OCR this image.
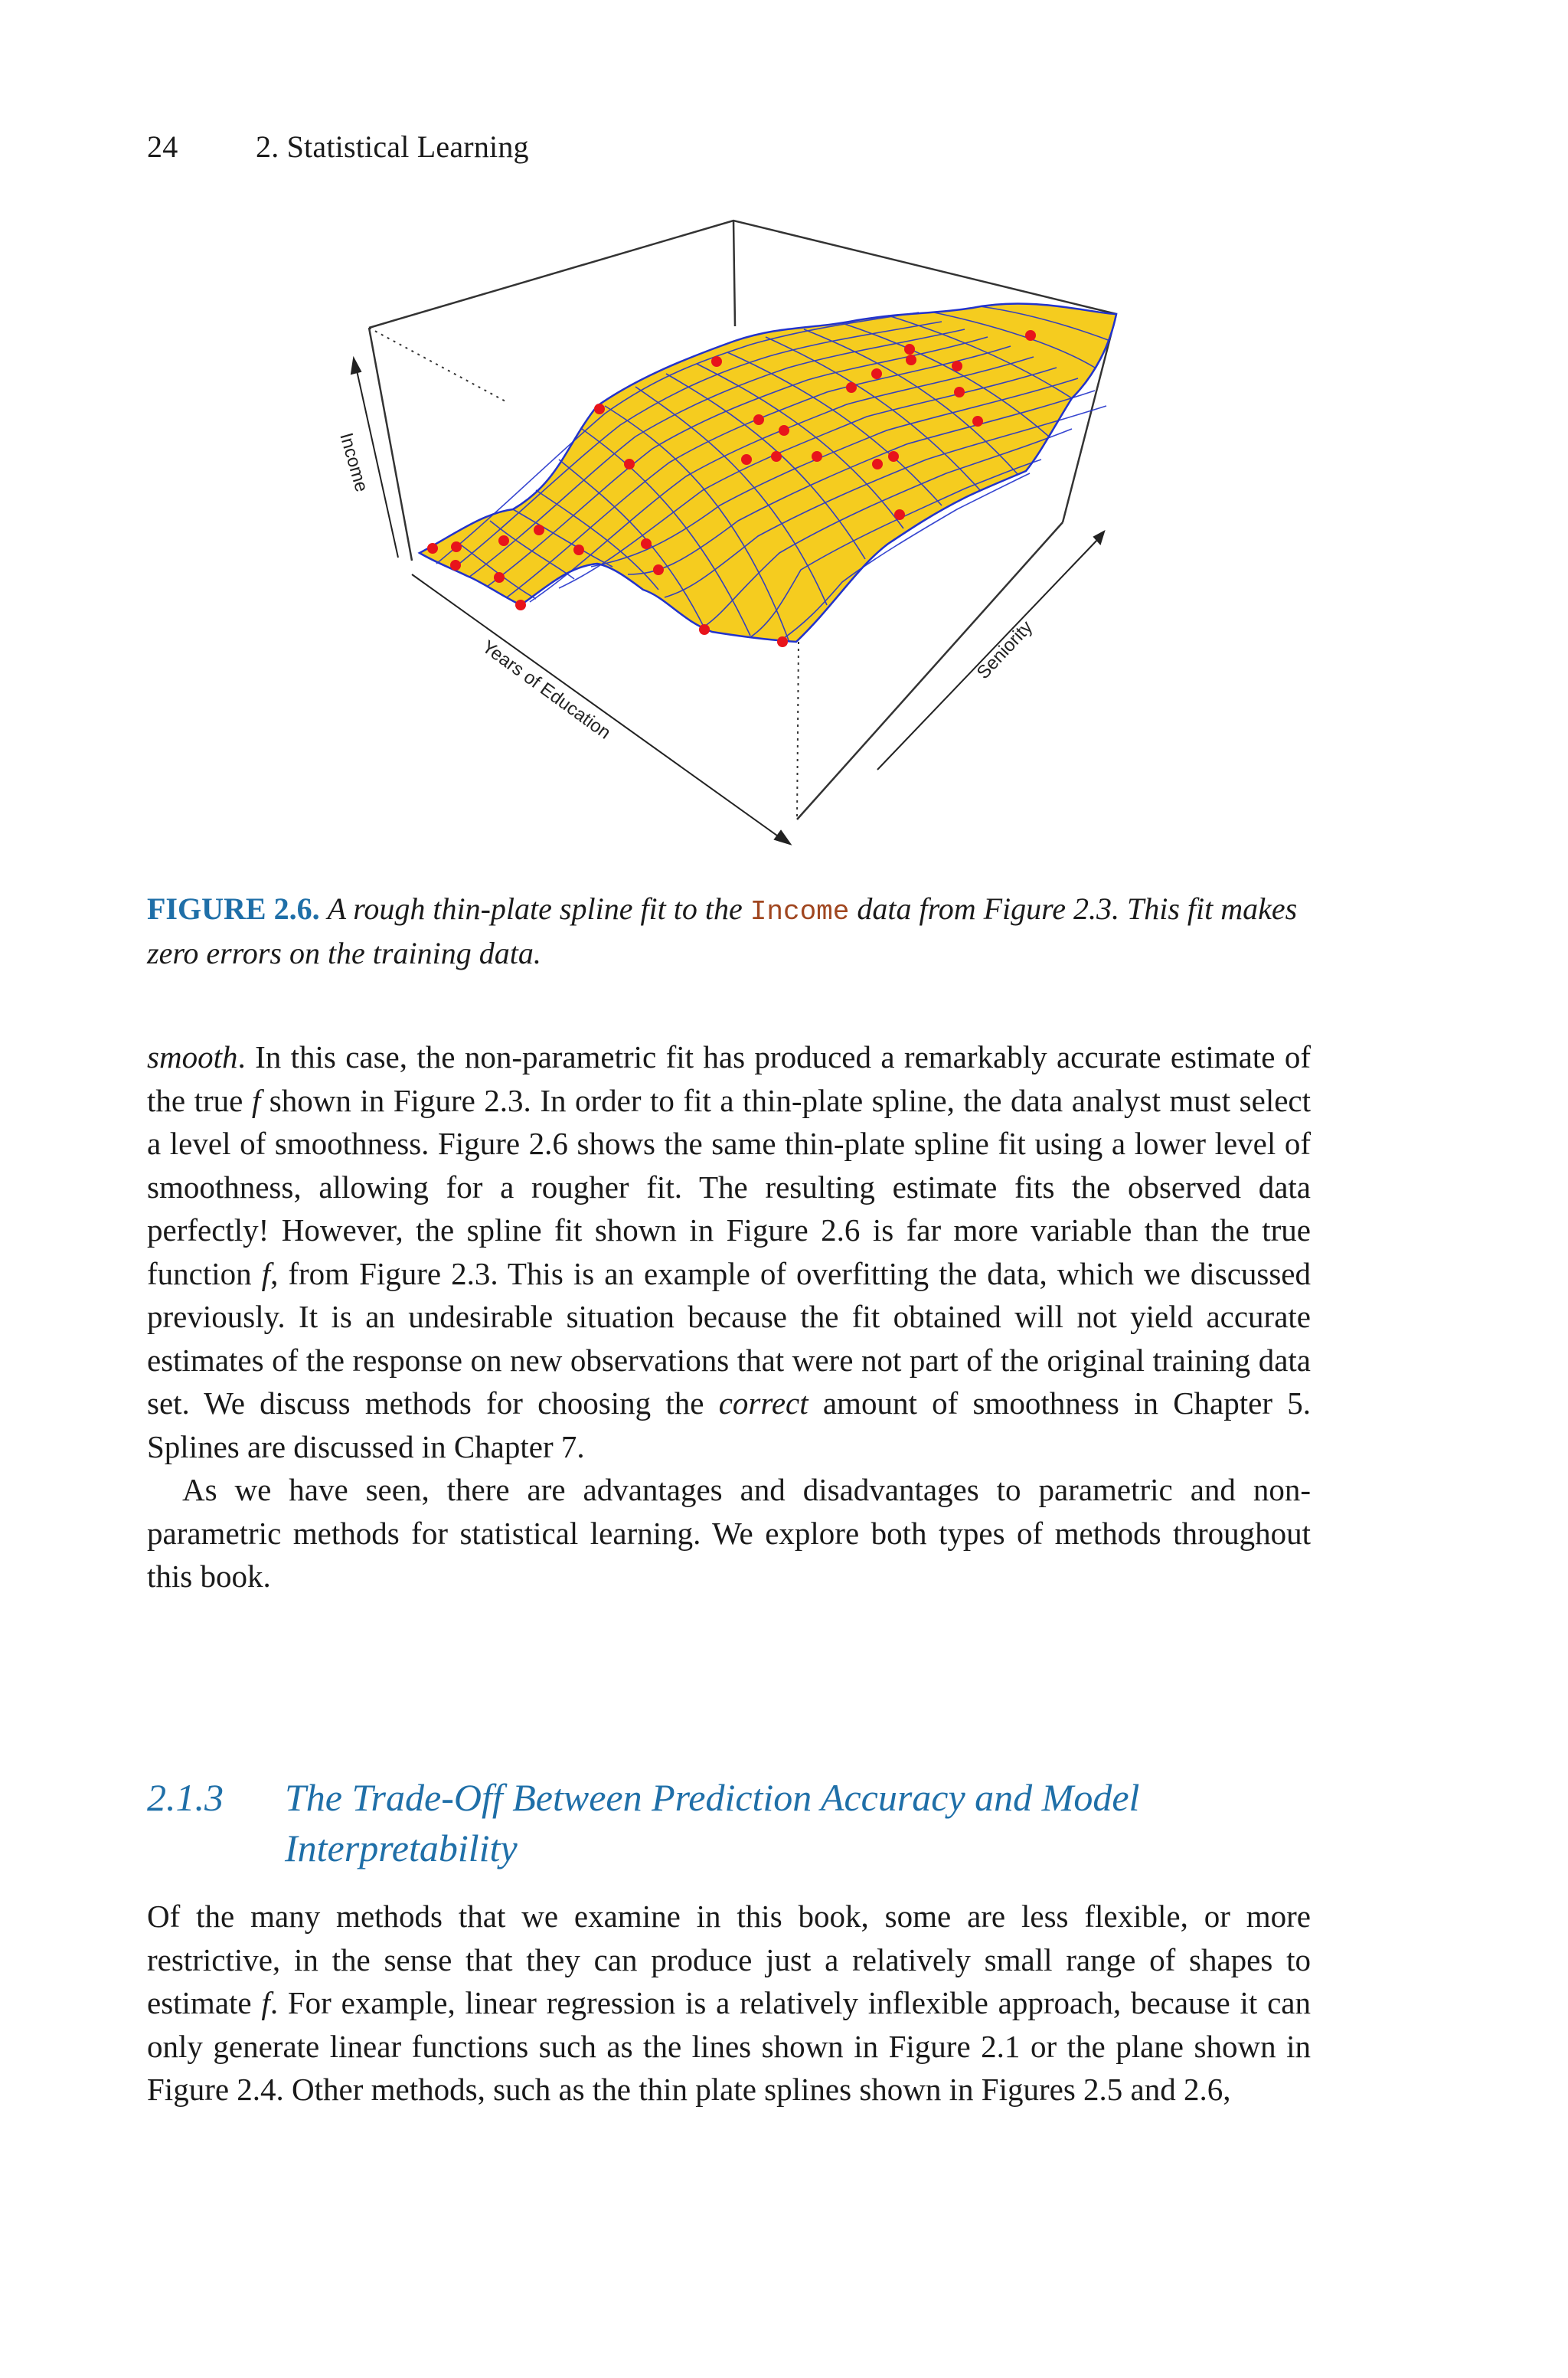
24	2. Statistical Learning
Income
Years of Education	Seniority
FIGURE 2.6. A rough thin-plate spline fit to the Income data from Figure 2.3. This fit makes zero errors on the training data.

smooth. In this case, the non-parametric fit has produced a remarkably accurate estimate of the true f shown in Figure 2.3. In order to fit a thin-plate spline, the data analyst must select a level of smoothness. Figure 2.6 shows the same thin-plate spline fit using a lower level of smoothness, allowing for a rougher fit. The resulting estimate fits the observed data perfectly! However, the spline fit shown in Figure 2.6 is far more variable than the true function f, from Figure 2.3. This is an example of overfitting the data, which we discussed previously. It is an undesirable situation because the fit obtained will not yield accurate estimates of the response on new observations that were not part of the original training data set. We discuss methods for choosing the correct amount of smoothness in Chapter 5. Splines are discussed in Chapter 7.

As we have seen, there are advantages and disadvantages to parametric and non-parametric methods for statistical learning. We explore both types of methods throughout this book.

2.1.3 The Trade-Off Between Prediction Accuracy and Model
Interpretability

Of the many methods that we examine in this book, some are less flexible, or more restrictive, in the sense that they can produce just a relatively small range of shapes to estimate f. For example, linear regression is a relatively inflexible approach, because it can only generate linear functions such as the lines shown in Figure 2.1 or the plane shown in Figure 2.4. Other methods, such as the thin plate splines shown in Figures 2.5 and 2.6,
